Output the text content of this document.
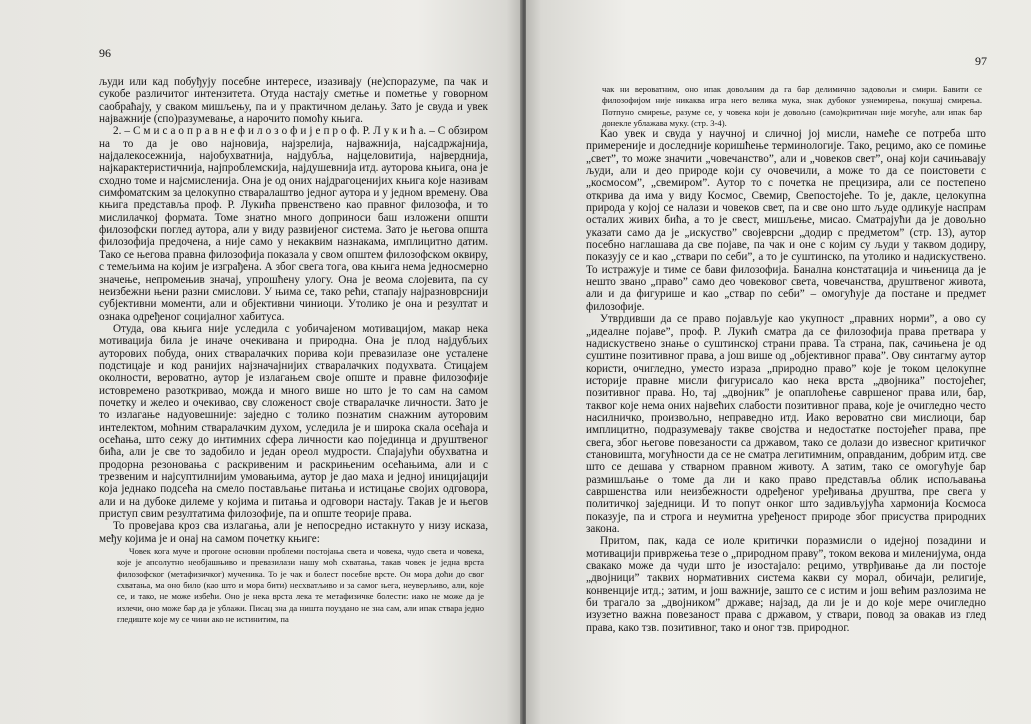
96

људи или кад побуђују посебне интересе, изазивају (не)спорazуме, па чак и сукобе различитог интензитета. Отуда настају сметње и пометње у говорном саобраћају, у сваком мишљењу, па и у практичном делању. Зато је свуда и увек најважније (спо)разумевање, а нарочито помоћу књига.

2. – С м и с а о п р а в н е ф и л о з о ф и ј е п р о ф. Р. Л у к и ћ а. – С обзиром на то да је ово најновија, најзрелија, најважнија, најсадржајнија, најдалекосежнија, најобухватнија, најдубља, најцеловитија, најверднија, најкарактеристичнија, најпроблемскија, најдушевнија итд. ауторова књига, она је сходно томе и најсмисленија. Она је од оних најдрагоценијих књига које називам симфоматским за целокупно стваралаштво једног аутора и у једном времену. Ова књига представља проф. Р. Лукића првенствено као правног филозофа, и то мислилачкој формата. Томе знатно много доприноси баш изложени општи филозофски поглед аутора, али у виду развијеног система. Зато је његова општа филозофија предочена, а није само у некаквим назнакама, имплицитно датим. Тако се његова правна филозофија показала у свом општем филозофском оквиру, с темељима на којим је изграђена. А због свега тога, ова књига нема једносмерно значење, непромењив значај, упрошћену улогу. Она је веома слојевита, па су неизбежни њени разни смислови. У њима се, тако рећи, стапају најразноврснији субјективни моменти, али и објективни чиниоци. Утолико је она и резултат и ознака одређеног социјалног хабитуса.

Отуда, ова књига није уследила с уобичајеном мотивацијом, макар нека мотивација била је иначе очекивана и природна. Она је плод најдубљих ауторових побуда, оних стваралачких порива који превазилазе оне усталене подстицаје и код ранијих најзначајнијих стваралачких подухвата. Стицајем околности, вероватно, аутор је излагањем своје опште и правне филозофије истовремено разоткривао, можда и много више но што је то сам на самом почетку и желео и очекивао, сву сложеност своје стваралачке личности. Зато је то излагање надуовешније: заједно с толико познатим снажним ауторовим интелектом, моћним стваралачким духом, уследила је и широка скала осећаја и осећања, што сежу до интимних сфера личности као појединца и друштвеног бића, али је све то задобило и један ореол мудрости. Спајајући обухватна и продорна резоновања с раскривеним и раскрињеним осећањима, али и с трезвеним и најсуптилнијим умовањима, аутор је дао маха и једној иницијацији која једнако подсећа на смело постављање питања и истицање својих одговора, али и на дубоке дилеме у којима и питања и одговори настају. Такав је и његов приступ свим резултатима филозофије, па и опште теорије права.

То провејава кроз сва излагања, али је непосредно истакнуто у низу исказа, међу којима је и онај на самом почетку књиге:

Човек кога муче и прогоне основни проблеми постојања света и човека, чудо света и човека, које је апсолутно необјашњиво и превазилази нашу моћ схватања, такав човек је једна врста филозофског (метафизичког) мученика. То је чак и болест посебне врсте. Он мора доћи до свог схватања, ма оно било (као што и мора бити) несхватљиво и за самог њега, неуверљиво, али, које се, и тако, не може избећи. Оно је нека врста лека те метафизичке болести: иако не може да је излечи, оно може бар да је ублажи. Писац зна да ништа поуздано не зна сам, али ипак ствара једно гледиште које му се чини ако не истинитим, па

97

чак ни вероватним, оно ипак довољним да га бар делимично задовољи и смири. Бавити се филозофијом није никаква игра него велика мука, знак дубоког узнемирења, покушај смирења. Потпуно смирење, разуме се, у човека који је довољно (само)критичан није могуће, али ипак бар донекле ублажава муку. (стр. 3-4).

Као увек и свуда у научној и сличној јој мисли, намеће се потреба што примереније и доследније коришћење терминологије. Тако, рецимо, ако се помиње „свет”, то може значити „човечанство”, али и „човеков свет”, онај који сачињавају људи, али и део природе који су очовечили, а може то да се поистовети с „космосом”, „свемиром”. Аутор то с почетка не прецизира, али се постепено открива да има у виду Космос, Свемир, Свепостојеће. То је, дакле, целокупна природа у којој се налази и човеков свет, па и све оно што људе одликује наспрам осталих живих бића, а то је свест, мишљење, мисао. Сматрајући да је довољно указати само да је „искуство” својеврсни „додир с предметом” (стр. 13), аутор посебно наглашава да све појаве, па чак и оне с којим су људи у таквом додиру, показују се и као „ствари по себи”, а то је суштинско, па утолико и надискуствено. То истражује и тиме се бави филозофија. Банална констатација и чињеница да је нешто звано „право” само део човековог света, човечанства, друштвеног живота, али и да фигурише и као „ствар по себи” – омогућује да постане и предмет филозофије.

Утврдивши да се право појављује као укупност „правних норми”, а ово су „идеалне појаве”, проф. Р. Лукић сматра да се филозофија права претвара у надискуствено знање о суштинској страни права. Та страна, пак, сачињена је од суштине позитивног права, а још више од „објективног права”. Ову синтагму аутор користи, очигледно, уместо израза „природно право” које је током целокупне историје правне мисли фигурисало као нека врста „двојника” постојећег, позитивног права. Но, тај „двојник” је опаплоћење савршеног права или, бар, таквог које нема оних највећих слабости позитивног права, које је очигледно често насилничко, произвољно, неправедно итд. Иако вероватно сви мислиоци, бар имплицитно, подразумевају такве својства и недостатке постојећег права, пре свега, због његове повезаности са државом, тако се долази до извесног критичког становишта, могућности да се не сматра легитимним, оправданим, добрим итд. све што се дешава у стварном правном животу. А затим, тако се омогућује бар размишљање о томе да ли и како право представља облик испољавања савршенства или неизбежности одређеног уређивања друштва, пре свега у политичкој заједници. И то попут онког што задивљујућа хармонија Космоса показује, па и строга и неумитна уређеност природе због присуства природних закона.

Притом, пак, када се иоле критички поразмисли о идејној позадини и мотивацији привржења тезе о „природном праву”, током векова и миленијума, онда свакако може да чуди што је изостајало: рецимо, утврђивање да ли постоје „двојници” таквих нормативних система какви су морал, обичаји, религије, конвенције итд.; затим, и још важније, зашто се с истим и још већим разлозима не би трагало за „двојником” државе; најзад, да ли је и до које мере очигледно изузетно важна повезаност права с државом, у ствари, повод за овакав из глед права, како тзв. позитивног, тако и оног тзв. природног.
